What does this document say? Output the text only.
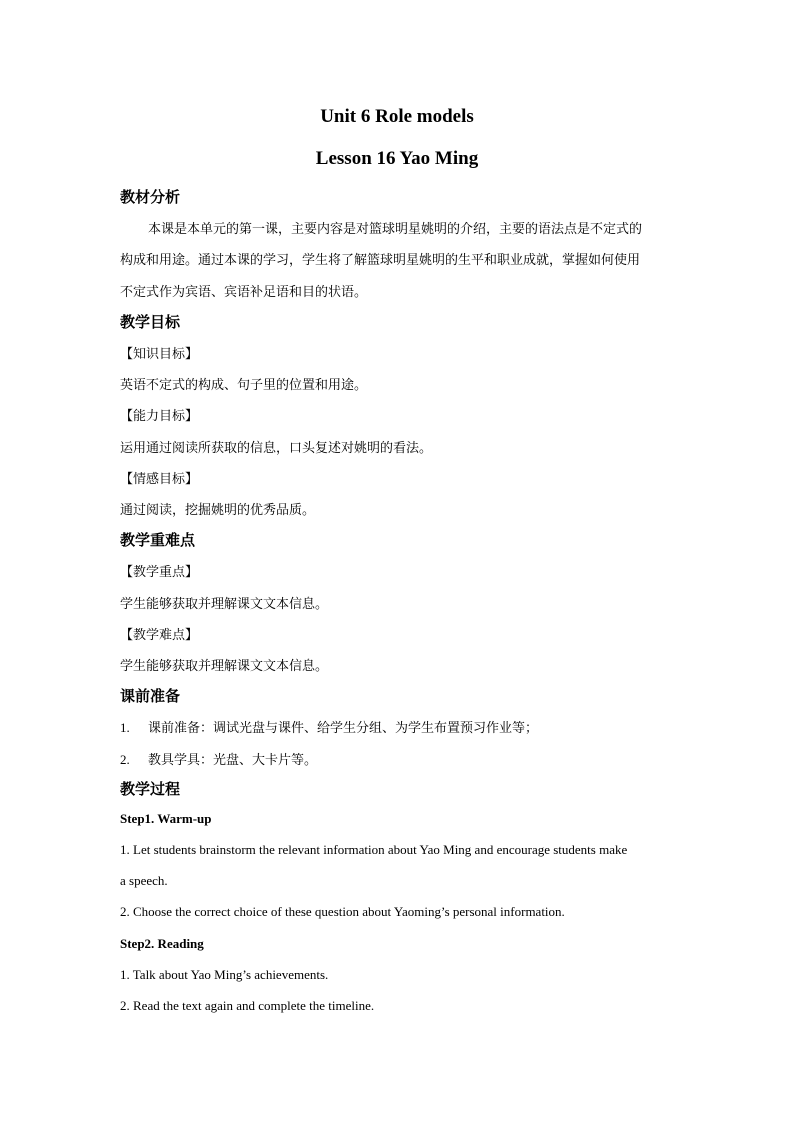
Unit 6 Role models
Lesson 16 Yao Ming
教材分析
本课是本单元的第一课，主要内容是对篮球明星姚明的介绍，主要的语法点是不定式的
构成和用途。通过本课的学习，学生将了解篮球明星姚明的生平和职业成就，掌握如何使用
不定式作为宾语、宾语补足语和目的状语。
教学目标
【知识目标】
英语不定式的构成、句子里的位置和用途。
【能力目标】
运用通过阅读所获取的信息，口头复述对姚明的看法。
【情感目标】
通过阅读，挖掘姚明的优秀品质。
教学重难点
【教学重点】
学生能够获取并理解课文文本信息。
【教学难点】
学生能够获取并理解课文文本信息。
课前准备
1. 课前准备：调试光盘与课件、给学生分组、为学生布置预习作业等；
2. 教具学具：光盘、大卡片等。
教学过程
Step1. Warm-up
1. Let students brainstorm the relevant information about Yao Ming and encourage students make
a speech.
2. Choose the correct choice of these question about Yaoming’s personal information.
Step2. Reading
1. Talk about Yao Ming’s achievements.
2. Read the text again and complete the timeline.
